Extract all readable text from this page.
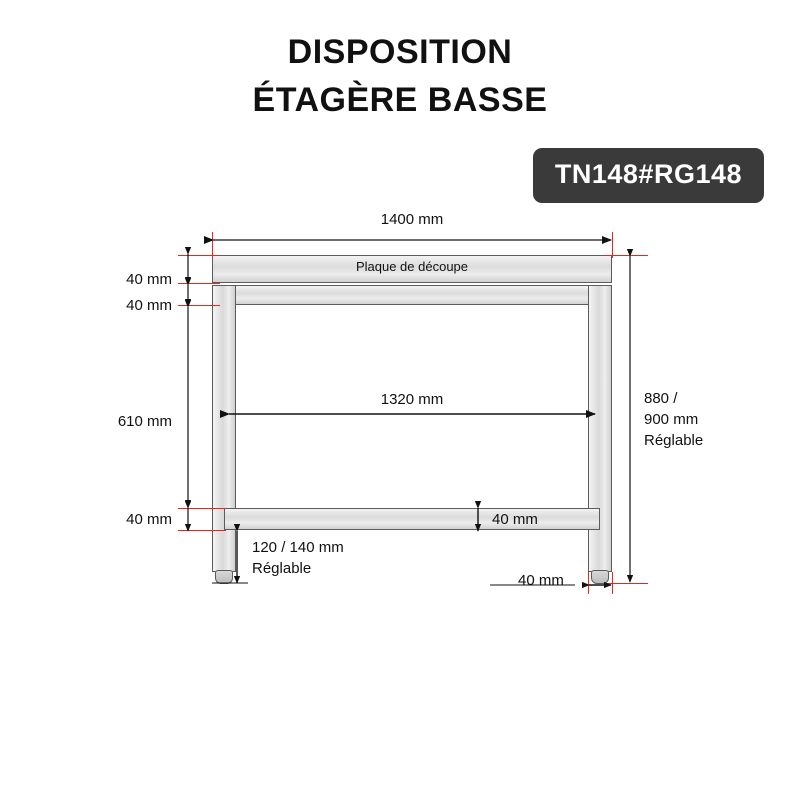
DISPOSITION
ÉTAGÈRE BASSE
TN148#RG148
Plaque de découpe
1400 mm
40 mm
40 mm
610 mm
40 mm
1320 mm
40 mm
120 / 140 mm
Réglable
40 mm
880 /
900 mm
Réglable
